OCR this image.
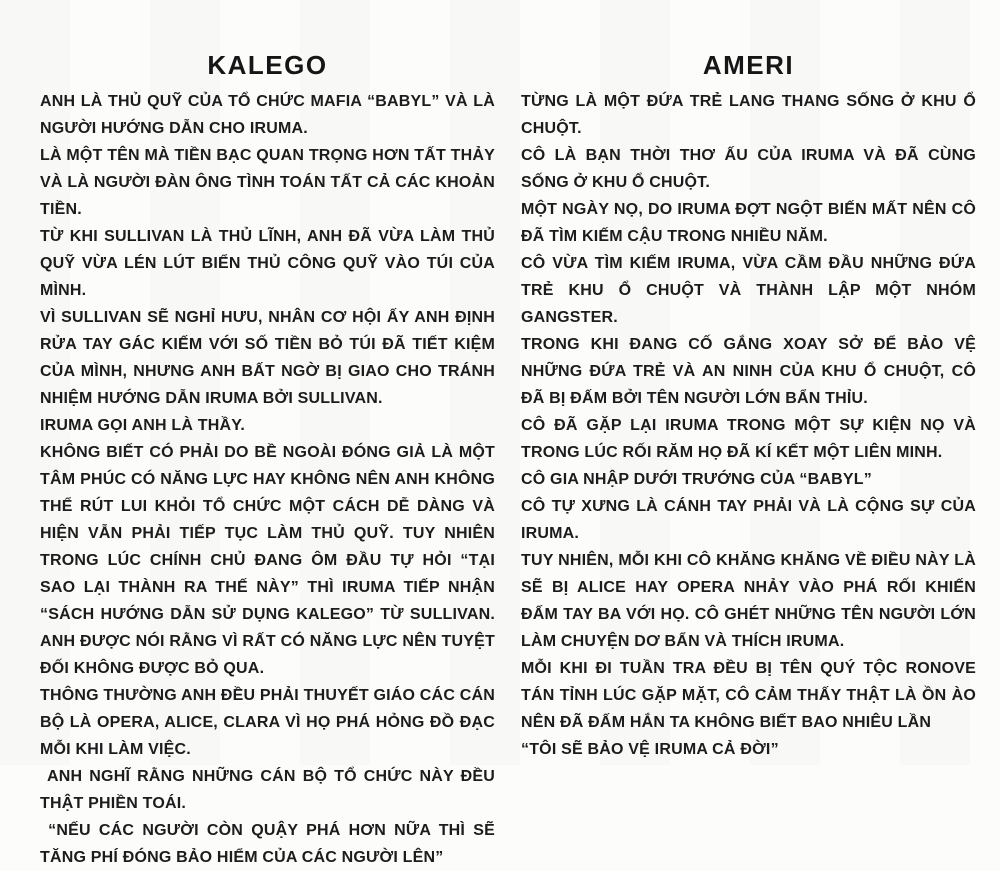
KALEGO

ANH LÀ THỦ QUỸ CỦA TỔ CHỨC MAFIA “BABYL” VÀ LÀ NGƯỜI HƯỚNG DẪN CHO IRUMA.

LÀ MỘT TÊN MÀ TIỀN BẠC QUAN TRỌNG HƠN TẤT THẢY VÀ LÀ NGƯỜI ĐÀN ÔNG TÌNH TOÁN TẤT CẢ CÁC KHOẢN TIỀN.

TỪ KHI SULLIVAN LÀ THỦ LĨNH, ANH ĐÃ VỪA LÀM THỦ QUỸ VỪA LÉN LÚT BIỂN THỦ CÔNG QUỸ VÀO TÚI CỦA MÌNH.

VÌ SULLIVAN SẼ NGHỈ HƯU, NHÂN CƠ HỘI ẤY ANH ĐỊNH RỬA TAY GÁC KIẾM VỚI SỐ TIỀN BỎ TÚI ĐÃ TIẾT KIỆM CỦA MÌNH, NHƯNG ANH BẤT NGỜ BỊ GIAO CHO TRÁNH NHIỆM HƯỚNG DẪN IRUMA BỞI SULLIVAN.

IRUMA GỌI ANH LÀ THẦY.

KHÔNG BIẾT CÓ PHẢI DO BỀ NGOÀI ĐÓNG GIẢ LÀ MỘT TÂM PHÚC CÓ NĂNG LỰC HAY KHÔNG NÊN ANH KHÔNG THỂ RÚT LUI KHỎI TỔ CHỨC MỘT CÁCH DỄ DÀNG VÀ HIỆN VẪN PHẢI TIẾP TỤC LÀM THỦ QUỸ. TUY NHIÊN TRONG LÚC CHÍNH CHỦ ĐANG ÔM ĐẦU TỰ HỎI “TẠI SAO LẠI THÀNH RA THẾ NÀY” THÌ IRUMA TIẾP NHẬN “SÁCH HƯỚNG DẪN SỬ DỤNG KALEGO” TỪ SULLIVAN. ANH ĐƯỢC NÓI RẰNG VÌ RẤT CÓ NĂNG LỰC NÊN TUYỆT ĐỐI KHÔNG ĐƯỢC BỎ QUA.

THÔNG THƯỜNG ANH ĐỀU PHẢI THUYẾT GIÁO CÁC CÁN BỘ LÀ OPERA, ALICE, CLARA VÌ HỌ PHÁ HỎNG ĐỒ ĐẠC MỖI KHI LÀM VIỆC.

ANH NGHĨ RẰNG NHỮNG CÁN BỘ TỔ CHỨC NÀY ĐỀU THẬT PHIỀN TOÁI.

“NẾU CÁC NGƯỜI CÒN QUẬY PHÁ HƠN NỮA THÌ SẼ TĂNG PHÍ ĐÓNG BẢO HIỂM CỦA CÁC NGƯỜI LÊN”

AMERI

TỪNG LÀ MỘT ĐỨA TRẺ LANG THANG SỐNG Ở KHU Ổ CHUỘT.

CÔ LÀ BẠN THỜI THƠ ẤU CỦA IRUMA VÀ ĐÃ CÙNG SỐNG Ở KHU Ổ CHUỘT.

MỘT NGÀY NỌ, DO IRUMA ĐỢT NGỘT BIẾN MẤT NÊN CÔ ĐÃ TÌM KIẾM CẬU TRONG NHIỀU NĂM.

CÔ VỪA TÌM KIẾM IRUMA, VỪA CẦM ĐẦU NHỮNG ĐỨA TRẺ KHU Ổ CHUỘT VÀ THÀNH LẬP MỘT NHÓM GANGSTER.

TRONG KHI ĐANG CỐ GẮNG XOAY SỞ ĐỂ BẢO VỆ NHỮNG ĐỨA TRẺ VÀ AN NINH CỦA KHU Ổ CHUỘT, CÔ ĐÃ BỊ ĐẤM BỞI TÊN NGƯỜI LỚN BẨN THỈU.

CÔ ĐÃ GẶP LẠI IRUMA TRONG MỘT SỰ KIỆN NỌ VÀ TRONG LÚC RỐI RĂM HỌ ĐÃ KÍ KẾT MỘT LIÊN MINH.

CÔ GIA NHẬP DƯỚI TRƯỚNG CỦA “BABYL”

CÔ TỰ XƯNG LÀ CÁNH TAY PHẢI VÀ LÀ CỘNG SỰ CỦA IRUMA.

TUY NHIÊN, MỖI KHI CÔ KHĂNG KHĂNG VỀ ĐIỀU NÀY LÀ SẼ BỊ ALICE HAY OPERA NHẢY VÀO PHÁ RỐI KHIẾN ĐẤM TAY BA VỚI HỌ. CÔ GHÉT NHỮNG TÊN NGƯỜI LỚN LÀM CHUYỆN DƠ BẨN VÀ THÍCH IRUMA.

MỖI KHI ĐI TUẦN TRA ĐỀU BỊ TÊN QUÝ TỘC RONOVE TÁN TỈNH LÚC GẶP MẶT, CÔ CẢM THẤY THẬT LÀ ỒN ÀO NÊN ĐÃ ĐẤM HẮN TA KHÔNG BIẾT BAO NHIÊU LẦN

“TÔI SẼ BẢO VỆ IRUMA CẢ ĐỜI”
